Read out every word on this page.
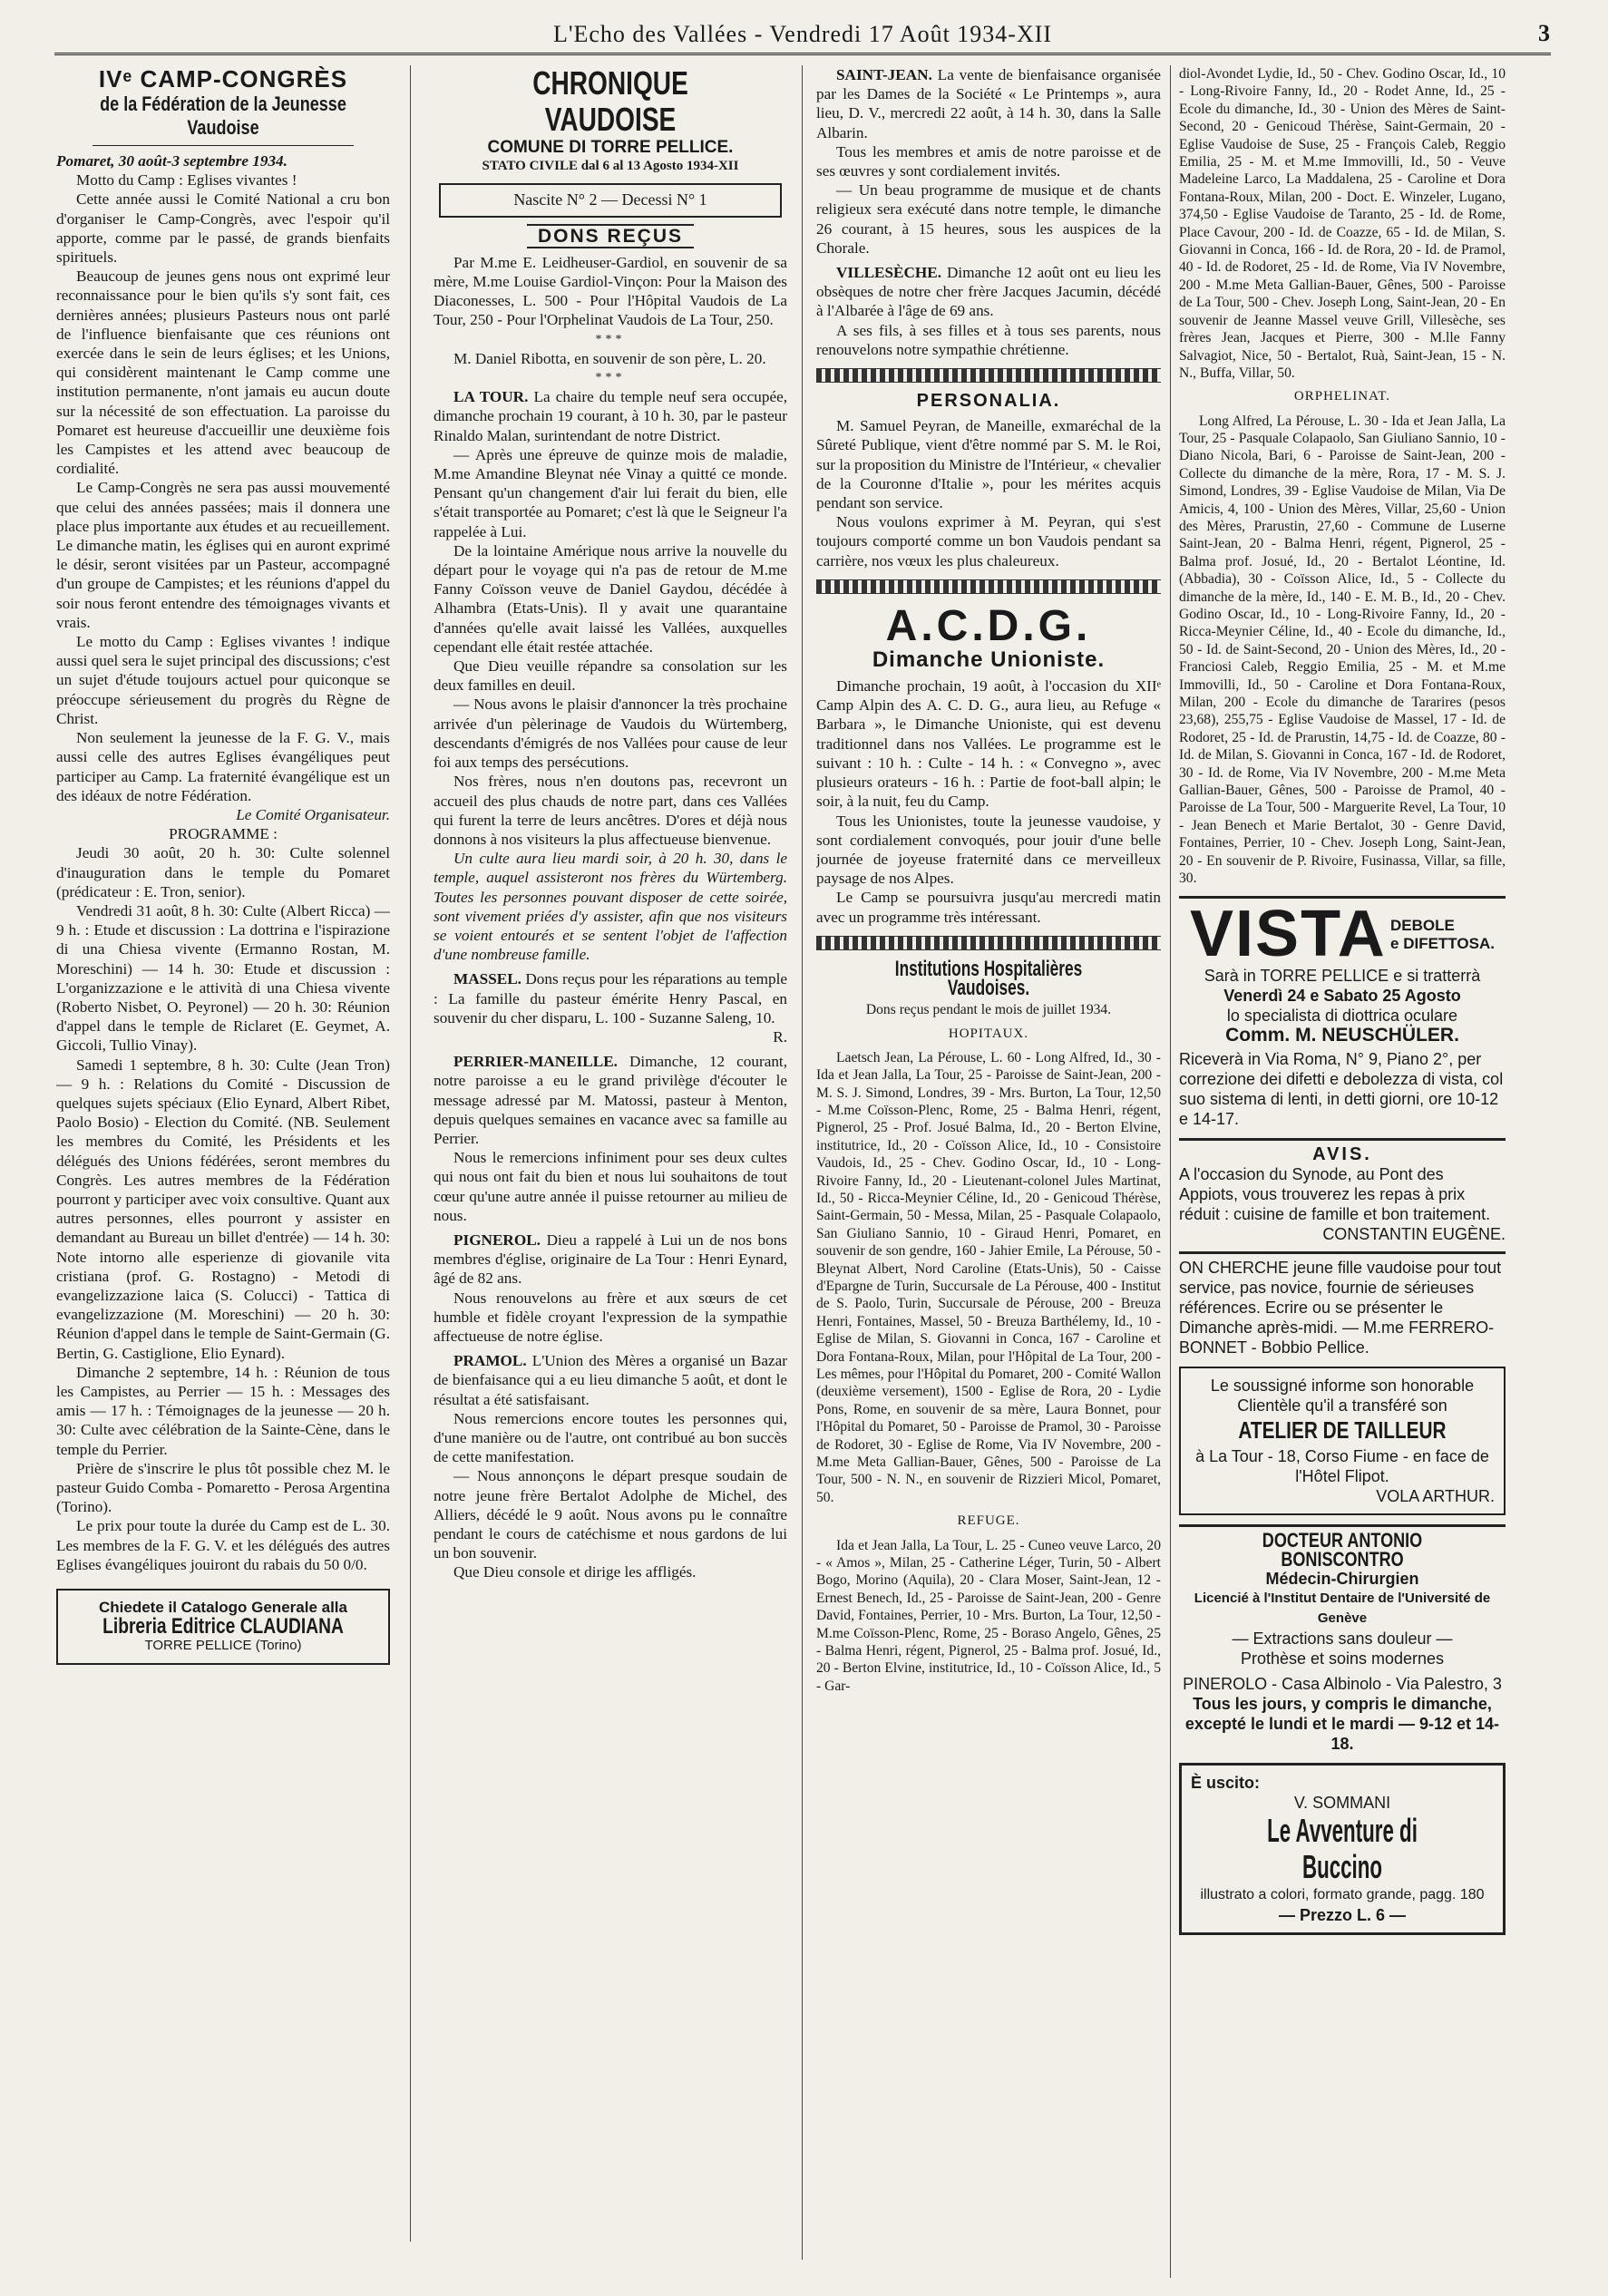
L'Echo des Vallées - Vendredi 17 Août 1934-XII	3
IVᵉ CAMP-CONGRÈS
de la Fédération de la Jeunesse Vaudoise

Pomaret, 30 août-3 septembre 1934.

Motto du Camp : Eglises vivantes !

Cette année aussi le Comité National a cru bon d'organiser le Camp-Congrès, avec l'espoir qu'il apporte, comme par le passé, de grands bienfaits spirituels.

Beaucoup de jeunes gens nous ont exprimé leur reconnaissance pour le bien qu'ils s'y sont fait, ces dernières années; plusieurs Pasteurs nous ont parlé de l'influence bienfaisante que ces réunions ont exercée dans le sein de leurs églises; et les Unions, qui considèrent maintenant le Camp comme une institution permanente, n'ont jamais eu aucun doute sur la nécessité de son effectuation. La paroisse du Pomaret est heureuse d'accueillir une deuxième fois les Campistes et les attend avec beaucoup de cordialité.

Le Camp-Congrès ne sera pas aussi mouvementé que celui des années passées; mais il donnera une place plus importante aux études et au recueillement. Le dimanche matin, les églises qui en auront exprimé le désir, seront visitées par un Pasteur, accompagné d'un groupe de Campistes; et les réunions d'appel du soir nous feront entendre des témoignages vivants et vrais.

Le motto du Camp : Eglises vivantes ! indique aussi quel sera le sujet principal des discussions; c'est un sujet d'étude toujours actuel pour quiconque se préoccupe sérieusement du progrès du Règne de Christ.

Non seulement la jeunesse de la F. G. V., mais aussi celle des autres Eglises évangéliques peut participer au Camp. La fraternité évangélique est un des idéaux de notre Fédération.

Le Comité Organisateur.

PROGRAMME :

Jeudi 30 août, 20 h. 30: Culte solennel d'inauguration dans le temple du Pomaret (prédicateur : E. Tron, senior).

Vendredi 31 août, 8 h. 30: Culte (Albert Ricca) — 9 h. : Etude et discussion : La dottrina e l'ispirazione di una Chiesa vivente (Ermanno Rostan, M. Moreschini) — 14 h. 30: Etude et discussion : L'organizzazione e le attività di una Chiesa vivente (Roberto Nisbet, O. Peyronel) — 20 h. 30: Réunion d'appel dans le temple de Riclaret (E. Geymet, A. Giccoli, Tullio Vinay).

Samedi 1 septembre, 8 h. 30: Culte (Jean Tron) — 9 h. : Relations du Comité - Discussion de quelques sujets spéciaux (Elio Eynard, Albert Ribet, Paolo Bosio) - Election du Comité. (NB. Seulement les membres du Comité, les Présidents et les délégués des Unions fédérées, seront membres du Congrès. Les autres membres de la Fédération pourront y participer avec voix consultive. Quant aux autres personnes, elles pourront y assister en demandant au Bureau un billet d'entrée) — 14 h. 30: Note intorno alle esperienze di giovanile vita cristiana (prof. G. Rostagno) - Metodi di evangelizzazione laica (S. Colucci) - Tattica di evangelizzazione (M. Moreschini) — 20 h. 30: Réunion d'appel dans le temple de Saint-Germain (G. Bertin, G. Castiglione, Elio Eynard).

Dimanche 2 septembre, 14 h. : Réunion de tous les Campistes, au Perrier — 15 h. : Messages des amis — 17 h. : Témoignages de la jeunesse — 20 h. 30: Culte avec célébration de la Sainte-Cène, dans le temple du Perrier.

Prière de s'inscrire le plus tôt possible chez M. le pasteur Guido Comba - Pomaretto - Perosa Argentina (Torino).

Le prix pour toute la durée du Camp est de L. 30. Les membres de la F. G. V. et les délégués des autres Eglises évangéliques jouiront du rabais du 50 0/0.

Chiedete il Catalogo Generale alla
Libreria Editrice CLAUDIANA
TORRE PELLICE (Torino)
CHRONIQUE VAUDOISE
COMUNE DI TORRE PELLICE.
STATO CIVILE dal 6 al 13 Agosto 1934-XII
Nascite N° 2 — Decessi N° 1
DONS REÇUS

Par M.me E. Leidheuser-Gardiol, en souvenir de sa mère, M.me Louise Gardiol-Vinçon: Pour la Maison des Diaconesses, L. 500 - Pour l'Hôpital Vaudois de La Tour, 250 - Pour l'Orphelinat Vaudois de La Tour, 250.

***

M. Daniel Ribotta, en souvenir de son père, L. 20.

***

LA TOUR. La chaire du temple neuf sera occupée, dimanche prochain 19 courant, à 10 h. 30, par le pasteur Rinaldo Malan, surintendant de notre District.

— Après une épreuve de quinze mois de maladie, M.me Amandine Bleynat née Vinay a quitté ce monde. Pensant qu'un changement d'air lui ferait du bien, elle s'était transportée au Pomaret; c'est là que le Seigneur l'a rappelée à Lui.

De la lointaine Amérique nous arrive la nouvelle du départ pour le voyage qui n'a pas de retour de M.me Fanny Coïsson veuve de Daniel Gaydou, décédée à Alhambra (Etats-Unis). Il y avait une quarantaine d'années qu'elle avait laissé les Vallées, auxquelles cependant elle était restée attachée.

Que Dieu veuille répandre sa consolation sur les deux familles en deuil.

— Nous avons le plaisir d'annoncer la très prochaine arrivée d'un pèlerinage de Vaudois du Würtemberg, descendants d'émigrés de nos Vallées pour cause de leur foi aux temps des persécutions.

Nos frères, nous n'en doutons pas, recevront un accueil des plus chauds de notre part, dans ces Vallées qui furent la terre de leurs ancêtres. D'ores et déjà nous donnons à nos visiteurs la plus affectueuse bienvenue.

Un culte aura lieu mardi soir, à 20 h. 30, dans le temple, auquel assisteront nos frères du Würtemberg. Toutes les personnes pouvant disposer de cette soirée, sont vivement priées d'y assister, afin que nos visiteurs se voient entourés et se sentent l'objet de l'affection d'une nombreuse famille.

MASSEL. Dons reçus pour les réparations au temple : La famille du pasteur émérite Henry Pascal, en souvenir du cher disparu, L. 100 - Suzanne Saleng, 10.

R.

PERRIER-MANEILLE. Dimanche, 12 courant, notre paroisse a eu le grand privilège d'écouter le message adressé par M. Matossi, pasteur à Menton, depuis quelques semaines en vacance avec sa famille au Perrier.

Nous le remercions infiniment pour ses deux cultes qui nous ont fait du bien et nous lui souhaitons de tout cœur qu'une autre année il puisse retourner au milieu de nous.

PIGNEROL. Dieu a rappelé à Lui un de nos bons membres d'église, originaire de La Tour : Henri Eynard, âgé de 82 ans.

Nous renouvelons au frère et aux sœurs de cet humble et fidèle croyant l'expression de la sympathie affectueuse de notre église.

PRAMOL. L'Union des Mères a organisé un Bazar de bienfaisance qui a eu lieu dimanche 5 août, et dont le résultat a été satisfaisant.

Nous remercions encore toutes les personnes qui, d'une manière ou de l'autre, ont contribué au bon succès de cette manifestation.

— Nous annonçons le départ presque soudain de notre jeune frère Bertalot Adolphe de Michel, des Alliers, décédé le 9 août. Nous avons pu le connaître pendant le cours de catéchisme et nous gardons de lui un bon souvenir.

Que Dieu console et dirige les affligés.

SAINT-JEAN. La vente de bienfaisance organisée par les Dames de la Société « Le Printemps », aura lieu, D. V., mercredi 22 août, à 14 h. 30, dans la Salle Albarin.

Tous les membres et amis de notre paroisse et de ses œuvres y sont cordialement invités.

— Un beau programme de musique et de chants religieux sera exécuté dans notre temple, le dimanche 26 courant, à 15 heures, sous les auspices de la Chorale.

VILLESÈCHE. Dimanche 12 août ont eu lieu les obsèques de notre cher frère Jacques Jacumin, décédé à l'Albarée à l'âge de 69 ans.

A ses fils, à ses filles et à tous ses parents, nous renouvelons notre sympathie chrétienne.

PERSONALIA.

M. Samuel Peyran, de Maneille, exmaréchal de la Sûreté Publique, vient d'être nommé par S. M. le Roi, sur la proposition du Ministre de l'Intérieur, « chevalier de la Couronne d'Italie », pour les mérites acquis pendant son service.

Nous voulons exprimer à M. Peyran, qui s'est toujours comporté comme un bon Vaudois pendant sa carrière, nos vœux les plus chaleureux.

A.C.D.G.
Dimanche Unioniste.

Dimanche prochain, 19 août, à l'occasion du XIIᵉ Camp Alpin des A. C. D. G., aura lieu, au Refuge « Barbara », le Dimanche Unioniste, qui est devenu traditionnel dans nos Vallées. Le programme est le suivant : 10 h. : Culte - 14 h. : « Convegno », avec plusieurs orateurs - 16 h. : Partie de foot-ball alpin; le soir, à la nuit, feu du Camp.

Tous les Unionistes, toute la jeunesse vaudoise, y sont cordialement convoqués, pour jouir d'une belle journée de joyeuse fraternité dans ce merveilleux paysage de nos Alpes.

Le Camp se poursuivra jusqu'au mercredi matin avec un programme très intéressant.

Institutions Hospitalières Vaudoises.
Dons reçus pendant le mois de juillet 1934.
HOPITAUX.

Laetsch Jean, La Pérouse, L. 60 - Long Alfred, Id., 30 - Ida et Jean Jalla, La Tour, 25 - Paroisse de Saint-Jean, 200 - M. S. J. Simond, Londres, 39 - Mrs. Burton, La Tour, 12,50 - M.me Coïsson-Plenc, Rome, 25 - Balma Henri, régent, Pignerol, 25 - Prof. Josué Balma, Id., 20 - Berton Elvine, institutrice, Id., 20 - Coïsson Alice, Id., 10 - Consistoire Vaudois, Id., 25 - Chev. Godino Oscar, Id., 10 - Long-Rivoire Fanny, Id., 20 - Lieutenant-colonel Jules Martinat, Id., 50 - Ricca-Meynier Céline, Id., 20 - Genicoud Thérèse, Saint-Germain, 50 - Messa, Milan, 25 - Pasquale Colapaolo, San Giuliano Sannio, 10 - Giraud Henri, Pomaret, en souvenir de son gendre, 160 - Jahier Emile, La Pérouse, 50 - Bleynat Albert, Nord Caroline (Etats-Unis), 50 - Caisse d'Epargne de Turin, Succursale de La Pérouse, 400 - Institut de S. Paolo, Turin, Succursale de Pérouse, 200 - Breuza Henri, Fontaines, Massel, 50 - Breuza Barthélemy, Id., 10 - Eglise de Milan, S. Giovanni in Conca, 167 - Caroline et Dora Fontana-Roux, Milan, pour l'Hôpital de La Tour, 200 - Les mêmes, pour l'Hôpital du Pomaret, 200 - Comité Wallon (deuxième versement), 1500 - Eglise de Rora, 20 - Lydie Pons, Rome, en souvenir de sa mère, Laura Bonnet, pour l'Hôpital du Pomaret, 50 - Paroisse de Pramol, 30 - Paroisse de Rodoret, 30 - Eglise de Rome, Via IV Novembre, 200 - M.me Meta Gallian-Bauer, Gênes, 500 - Paroisse de La Tour, 500 - N. N., en souvenir de Rizzieri Micol, Pomaret, 50.

REFUGE.

Ida et Jean Jalla, La Tour, L. 25 - Cuneo veuve Larco, 20 - « Amos », Milan, 25 - Catherine Léger, Turin, 50 - Albert Bogo, Morino (Aquila), 20 - Clara Moser, Saint-Jean, 12 - Ernest Benech, Id., 25 - Paroisse de Saint-Jean, 200 - Genre David, Fontaines, Perrier, 10 - Mrs. Burton, La Tour, 12,50 - M.me Coïsson-Plenc, Rome, 25 - Boraso Angelo, Gênes, 25 - Balma Henri, régent, Pignerol, 25 - Balma prof. Josué, Id., 20 - Berton Elvine, institutrice, Id., 10 - Coïsson Alice, Id., 5 - Gar-

diol-Avondet Lydie, Id., 50 - Chev. Godino Oscar, Id., 10 - Long-Rivoire Fanny, Id., 20 - Rodet Anne, Id., 25 - Ecole du dimanche, Id., 30 - Union des Mères de Saint-Second, 20 - Genicoud Thérèse, Saint-Germain, 20 - Eglise Vaudoise de Suse, 25 - François Caleb, Reggio Emilia, 25 - M. et M.me Immovilli, Id., 50 - Veuve Madeleine Larco, La Maddalena, 25 - Caroline et Dora Fontana-Roux, Milan, 200 - Doct. E. Winzeler, Lugano, 374,50 - Eglise Vaudoise de Taranto, 25 - Id. de Rome, Place Cavour, 200 - Id. de Coazze, 65 - Id. de Milan, S. Giovanni in Conca, 166 - Id. de Rora, 20 - Id. de Pramol, 40 - Id. de Rodoret, 25 - Id. de Rome, Via IV Novembre, 200 - M.me Meta Gallian-Bauer, Gênes, 500 - Paroisse de La Tour, 500 - Chev. Joseph Long, Saint-Jean, 20 - En souvenir de Jeanne Massel veuve Grill, Villesèche, ses frères Jean, Jacques et Pierre, 300 - M.lle Fanny Salvagiot, Nice, 50 - Bertalot, Ruà, Saint-Jean, 15 - N. N., Buffa, Villar, 50.

ORPHELINAT.

Long Alfred, La Pérouse, L. 30 - Ida et Jean Jalla, La Tour, 25 - Pasquale Colapaolo, San Giuliano Sannio, 10 - Diano Nicola, Bari, 6 - Paroisse de Saint-Jean, 200 - Collecte du dimanche de la mère, Rora, 17 - M. S. J. Simond, Londres, 39 - Eglise Vaudoise de Milan, Via De Amicis, 4, 100 - Union des Mères, Villar, 25,60 - Union des Mères, Prarustin, 27,60 - Commune de Luserne Saint-Jean, 20 - Balma Henri, régent, Pignerol, 25 - Balma prof. Josué, Id., 20 - Bertalot Léontine, Id. (Abbadia), 30 - Coïsson Alice, Id., 5 - Collecte du dimanche de la mère, Id., 140 - E. M. B., Id., 20 - Chev. Godino Oscar, Id., 10 - Long-Rivoire Fanny, Id., 20 - Ricca-Meynier Céline, Id., 40 - Ecole du dimanche, Id., 50 - Id. de Saint-Second, 20 - Union des Mères, Id., 20 - Franciosi Caleb, Reggio Emilia, 25 - M. et M.me Immovilli, Id., 50 - Caroline et Dora Fontana-Roux, Milan, 200 - Ecole du dimanche de Tararires (pesos 23,68), 255,75 - Eglise Vaudoise de Massel, 17 - Id. de Rodoret, 25 - Id. de Prarustin, 14,75 - Id. de Coazze, 80 - Id. de Milan, S. Giovanni in Conca, 167 - Id. de Rodoret, 30 - Id. de Rome, Via IV Novembre, 200 - M.me Meta Gallian-Bauer, Gênes, 500 - Paroisse de Pramol, 40 - Paroisse de La Tour, 500 - Marguerite Revel, La Tour, 10 - Jean Benech et Marie Bertalot, 30 - Genre David, Fontaines, Perrier, 10 - Chev. Joseph Long, Saint-Jean, 20 - En souvenir de P. Rivoire, Fusinassa, Villar, sa fille, 30.

VISTA DEBOLE
e DIFETTOSA.
Sarà in TORRE PELLICE e si tratterrà
Venerdì 24 e Sabato 25 Agosto
lo specialista di diottrica oculare
Comm. M. NEUSCHÜLER.
Riceverà in Via Roma, N° 9, Piano 2°, per correzione dei difetti e debolezza di vista, col suo sistema di lenti, in detti giorni, ore 10-12 e 14-17.
AVIS.
A l'occasion du Synode, au Pont des Appiots, vous trouverez les repas à prix réduit : cuisine de famille et bon traitement.
CONSTANTIN EUGÈNE.
ON CHERCHE jeune fille vaudoise pour tout service, pas novice, fournie de sérieuses références. Ecrire ou se présenter le Dimanche après-midi. — M.me FERRERO-BONNET - Bobbio Pellice.
Le soussigné informe son honorable Clientèle qu'il a transféré son
ATELIER DE TAILLEUR
à La Tour - 18, Corso Fiume - en face de l'Hôtel Flipot.
VOLA ARTHUR.
DOCTEUR ANTONIO BONISCONTRO
Médecin-Chirurgien
Licencié à l'Institut Dentaire de l'Université de Genève
— Extractions sans douleur —
Prothèse et soins modernes
PINEROLO - Casa Albinolo - Via Palestro, 3
Tous les jours, y compris le dimanche, excepté le lundi et le mardi — 9-12 et 14-18.
È uscito:
V. SOMMANI
Le Avventure di Buccino
illustrato a colori, formato grande, pagg. 180
— Prezzo L. 6 —
